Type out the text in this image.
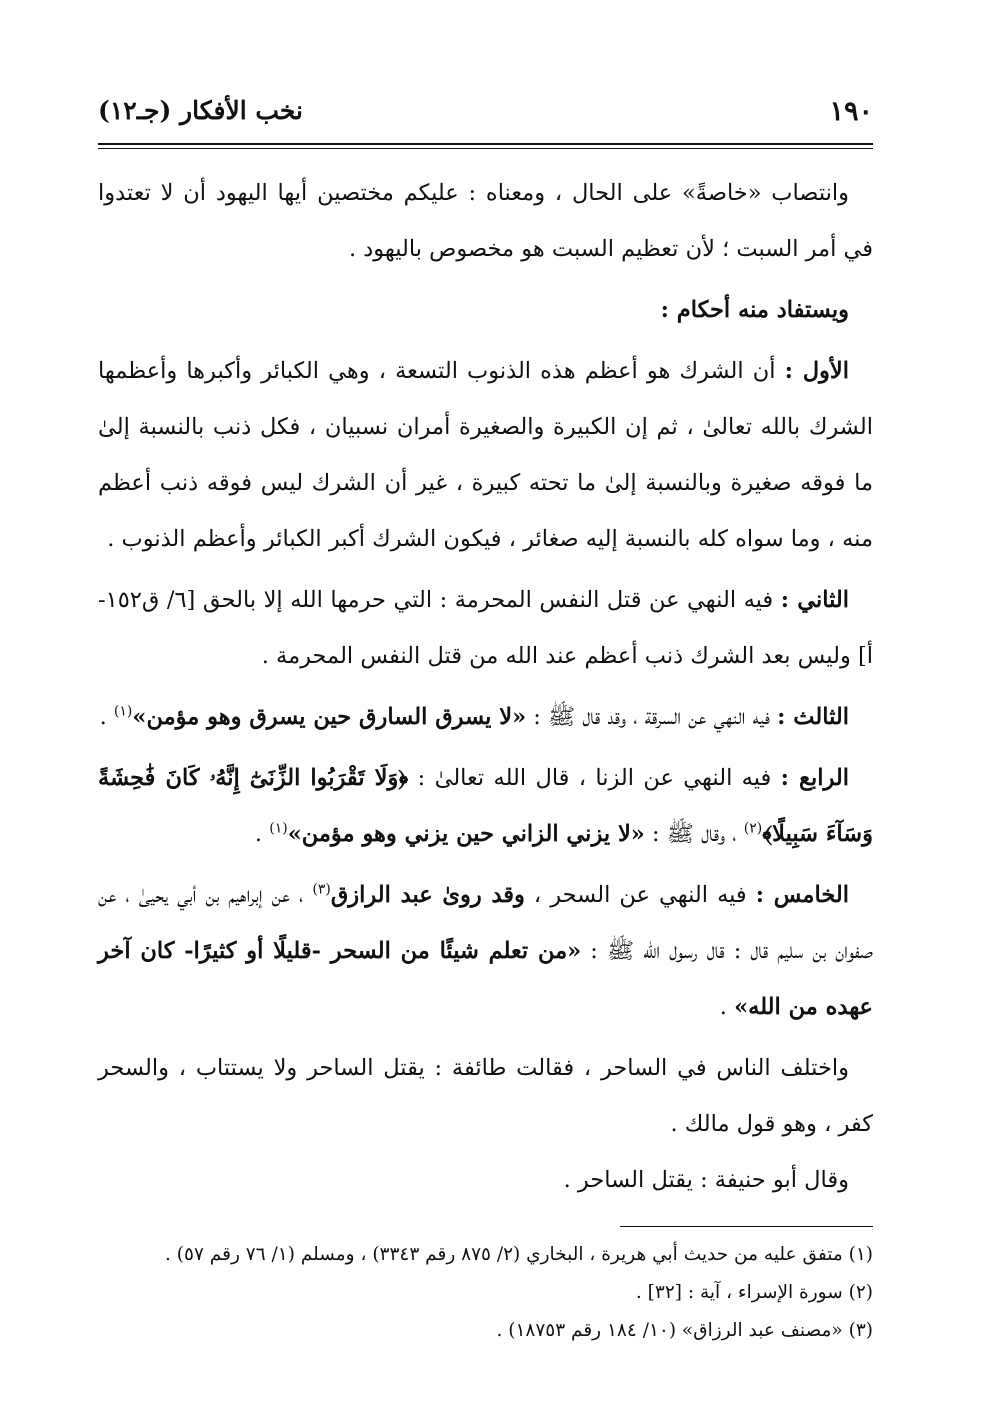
١٩٠
نخب الأفكار (جـ١٢)

وانتصاب «خاصةً» على الحال ، ومعناه : عليكم مختصين أيها اليهود أن لا تعتدوا في أمر السبت ؛ لأن تعظيم السبت هو مخصوص باليهود .

ويستفاد منه أحكام :

الأول : أن الشرك هو أعظم هذه الذنوب التسعة ، وهي الكبائر وأكبرها وأعظمها الشرك بالله تعالىٰ ، ثم إن الكبيرة والصغيرة أمران نسبيان ، فكل ذنب بالنسبة إلىٰ ما فوقه صغيرة وبالنسبة إلىٰ ما تحته كبيرة ، غير أن الشرك ليس فوقه ذنب أعظم منه ، وما سواه كله بالنسبة إليه صغائر ، فيكون الشرك أكبر الكبائر وأعظم الذنوب .

الثاني : فيه النهي عن قتل النفس المحرمة : التي حرمها الله إلا بالحق [٦/ ق١٥٢-أ] وليس بعد الشرك ذنب أعظم عند الله من قتل النفس المحرمة .

الثالث : فيه النهي عن السرقة ، وقد قال ﷺ : «لا يسرق السارق حين يسرق وهو مؤمن»$^{(١)}$ .

الرابع : فيه النهي عن الزنا ، قال الله تعالىٰ : ﴿وَلَا تَقْرَبُوا الزِّنَىٰٓ إِنَّهُۥ كَانَ فَٰحِشَةً وَسَآءَ سَبِيلًا﴾$^{(٢)}$ ، وقال ﷺ : «لا يزني الزاني حين يزني وهو مؤمن»$^{(١)}$ .

الخامس : فيه النهي عن السحر ، وقد روىٰ عبد الرازق$^{(٣)}$ ، عن إبراهيم بن أبي يحيىٰ ، عن صفوان بن سليم قال : قال رسول الله ﷺ : «من تعلم شيئًا من السحر -قليلًا أو كثيرًا- كان آخر عهده من الله» .

واختلف الناس في الساحر ، فقالت طائفة : يقتل الساحر ولا يستتاب ، والسحر كفر ، وهو قول مالك .

وقال أبو حنيفة : يقتل الساحر .

(١) متفق عليه من حديث أبي هريرة ، البخاري (٢/ ٨٧٥ رقم ٣٣٤٣) ، ومسلم (١/ ٧٦ رقم ٥٧) .

(٢) سورة الإسراء ، آية : [٣٢] .

(٣) «مصنف عبد الرزاق» (١٠/ ١٨٤ رقم ١٨٧٥٣) .
